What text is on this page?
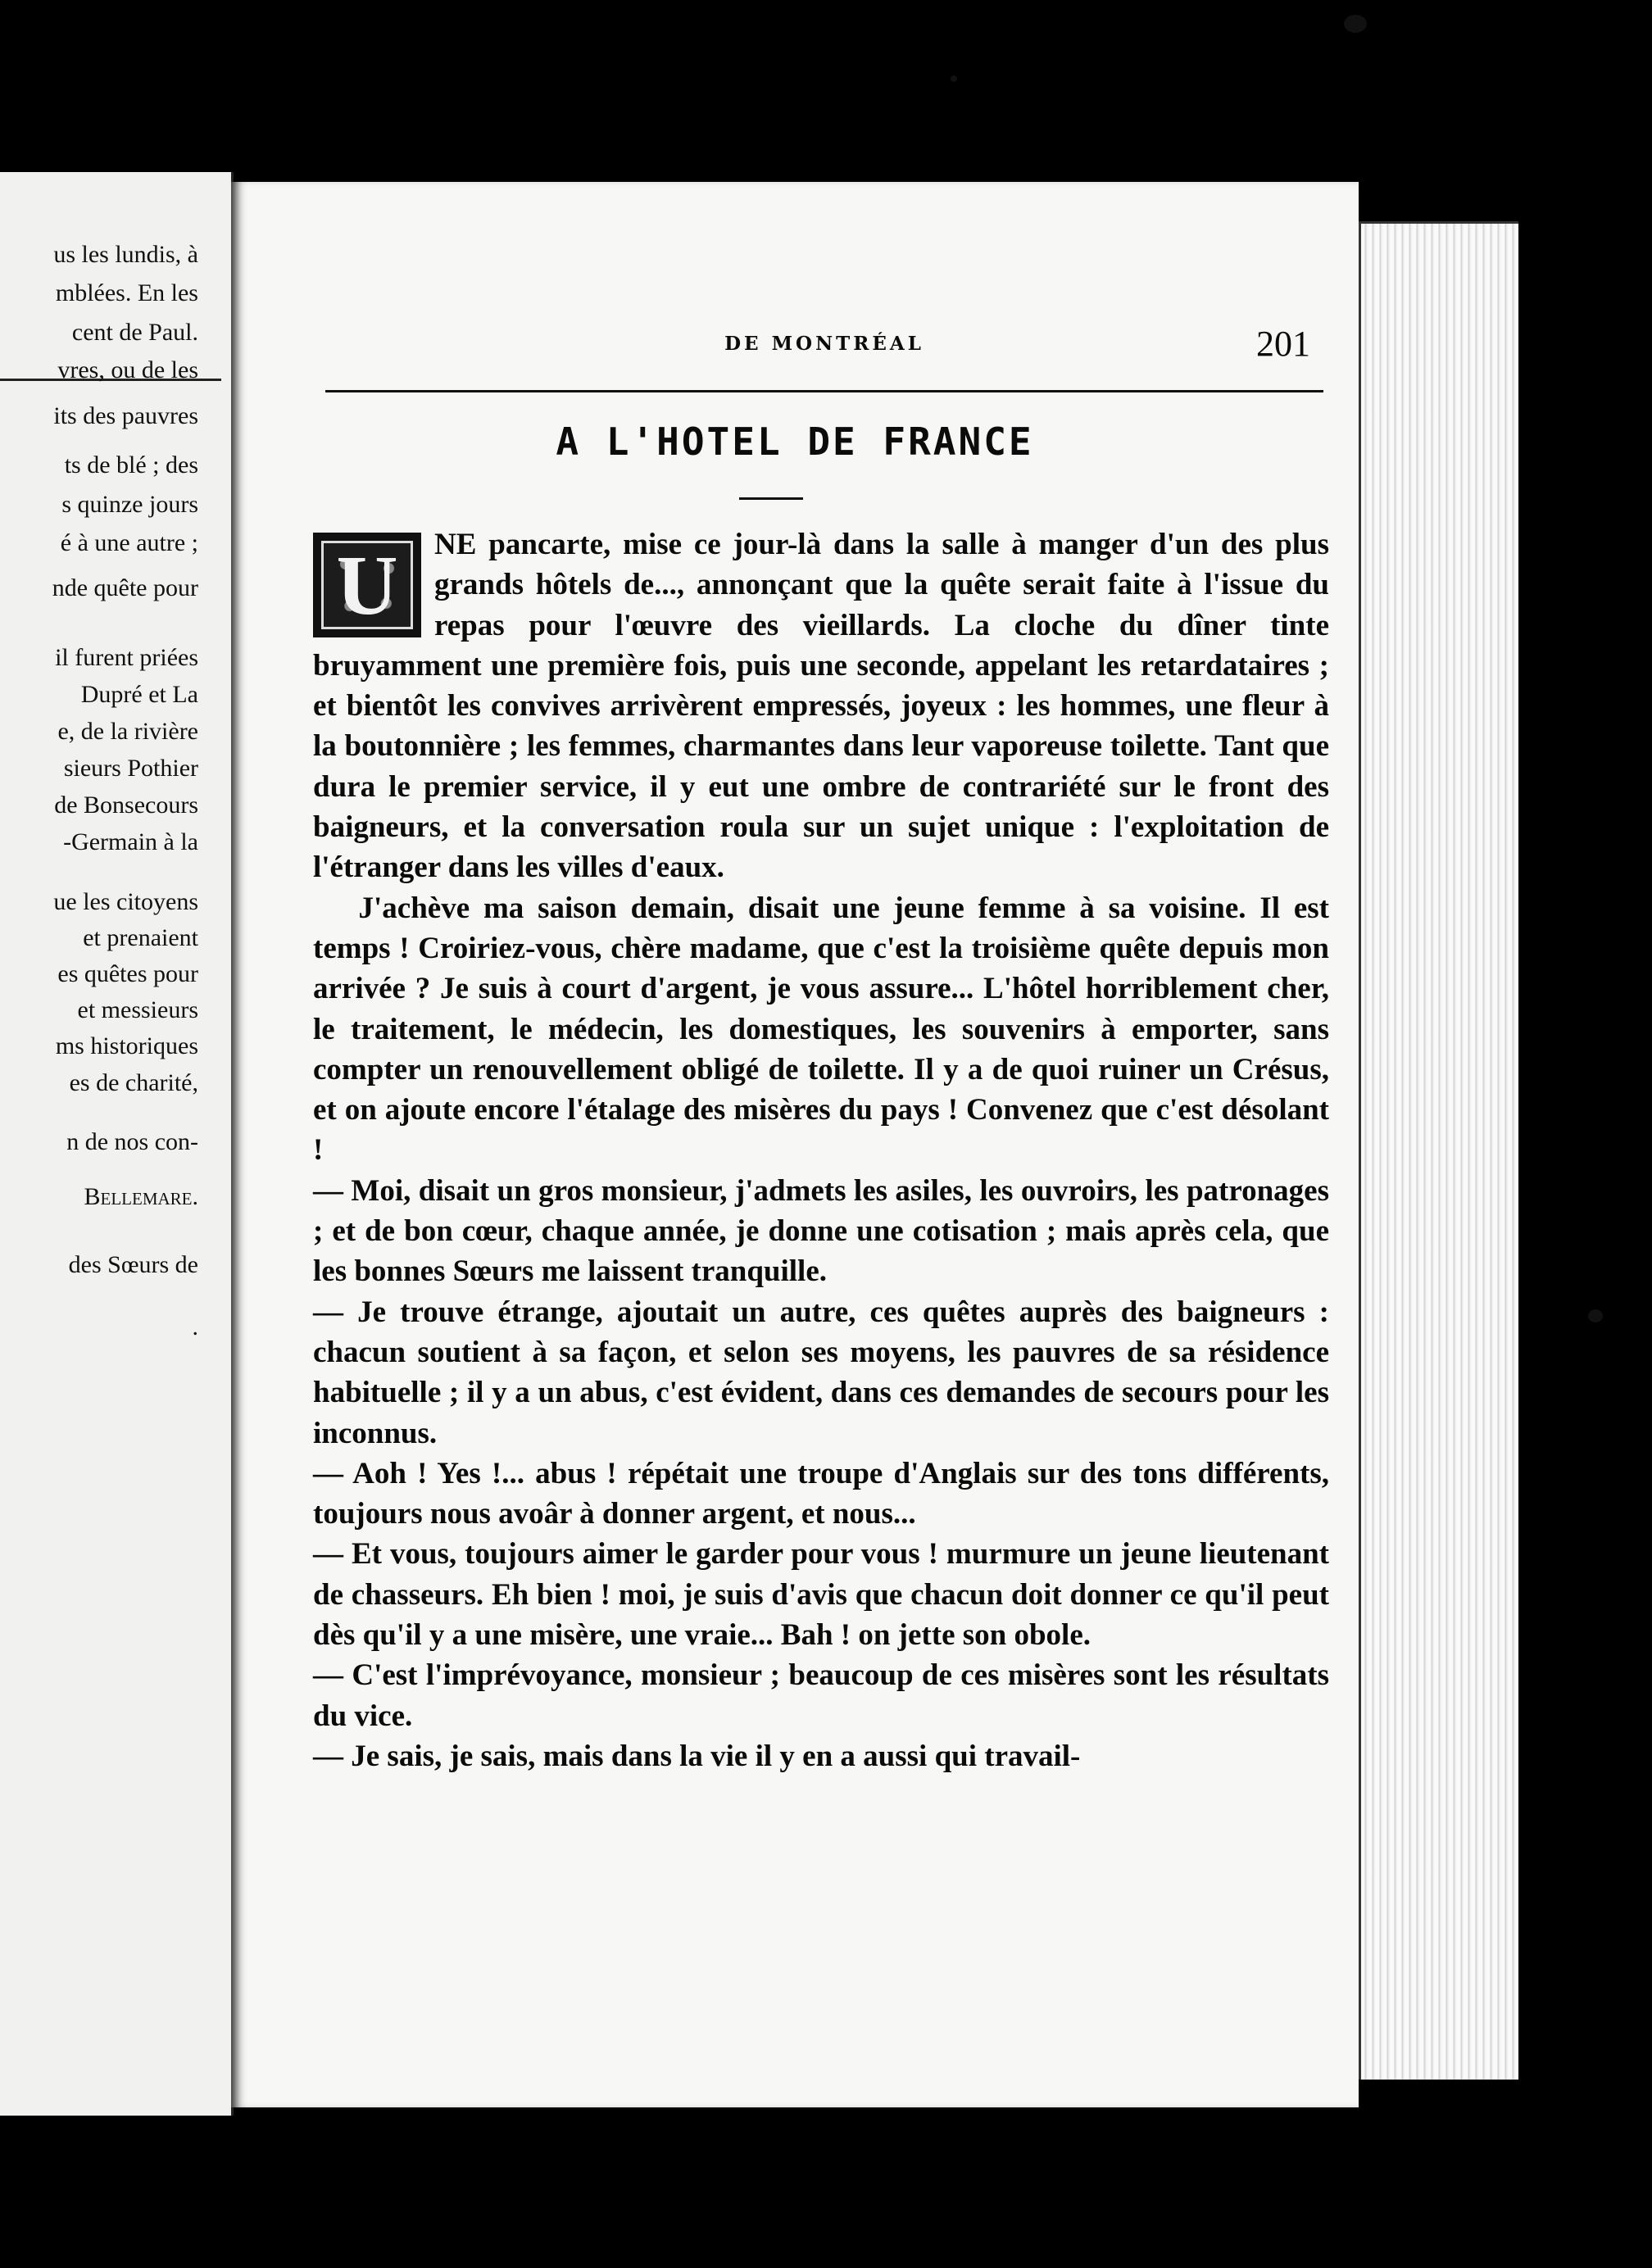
us les lundis, à
mblées. En les
cent de Paul.
vres, ou de les
its des pauvres
ts de blé ; des
s quinze jours
é à une autre ;
nde quête pour
il furent priées
Dupré et La
e, de la rivière
sieurs Pothier
de Bonsecours
-Germain à la
ue les citoyens
et prenaient
es quêtes pour
et messieurs
ms historiques
es de charité,
n de nos con-
Bellemare.
des Sœurs de
.
DE MONTRÉAL	201
A L'HOTEL DE FRANCE

U	NE pancarte, mise ce jour-là dans la salle à manger d'un des plus grands hôtels de..., annonçant que la quête serait faite à l'issue du repas pour l'œuvre des vieillards. La cloche du dîner tinte bruyamment une première fois, puis une seconde, appelant les retardataires ; et bientôt les convives arrivèrent empressés, joyeux : les hommes, une fleur à la boutonnière ; les femmes, charmantes dans leur vaporeuse toilette. Tant que dura le premier service, il y eut une ombre de contrariété sur le front des baigneurs, et la conversation roula sur un sujet unique : l'exploitation de l'étranger dans les villes d'eaux.

J'achève ma saison demain, disait une jeune femme à sa voisine. Il est temps ! Croiriez-vous, chère madame, que c'est la troisième quête depuis mon arrivée ? Je suis à court d'argent, je vous assure... L'hôtel horriblement cher, le traitement, le médecin, les domestiques, les souvenirs à emporter, sans compter un renouvellement obligé de toilette. Il y a de quoi ruiner un Crésus, et on ajoute encore l'étalage des misères du pays ! Convenez que c'est désolant !

— Moi, disait un gros monsieur, j'admets les asiles, les ouvroirs, les patronages ; et de bon cœur, chaque année, je donne une cotisation ; mais après cela, que les bonnes Sœurs me laissent tranquille.

— Je trouve étrange, ajoutait un autre, ces quêtes auprès des baigneurs : chacun soutient à sa façon, et selon ses moyens, les pauvres de sa résidence habituelle ; il y a un abus, c'est évident, dans ces demandes de secours pour les inconnus.

— Aoh ! Yes !... abus ! répétait une troupe d'Anglais sur des tons différents, toujours nous avoâr à donner argent, et nous...

— Et vous, toujours aimer le garder pour vous ! murmure un jeune lieutenant de chasseurs. Eh bien ! moi, je suis d'avis que chacun doit donner ce qu'il peut dès qu'il y a une misère, une vraie... Bah ! on jette son obole.

— C'est l'imprévoyance, monsieur ; beaucoup de ces misères sont les résultats du vice.

— Je sais, je sais, mais dans la vie il y en a aussi qui travail-
